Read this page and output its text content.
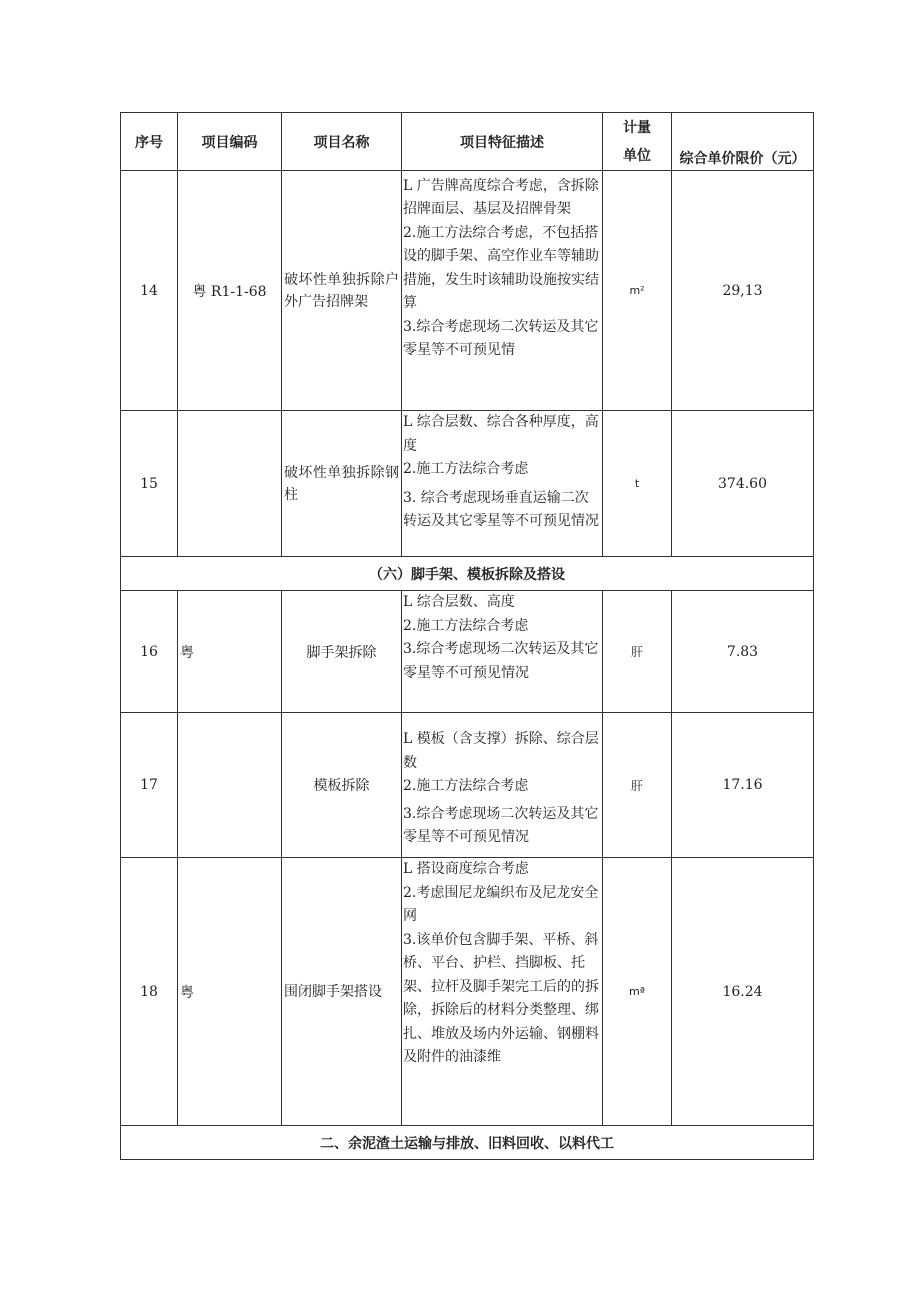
序号	项目编码	项目名称	项目特征描述	计量
单位	综合单价限价（元）
14	粤 R1-1-68	破坏性单独拆除户外广告招牌架	L 广告牌高度综合考虑，含拆除招牌面层、基层及招牌骨架
2.施工方法综合考虑，不包括搭设的脚手架、高空作业车等辅助措施，发生时该辅助设施按实结算
3.综合考虑现场二次转运及其它零星等不可预见情	m²	29,13
15		破坏性单独拆除钢柱	L 综合层数、综合各种厚度，高度
2.施工方法综合考虑
3. 综合考虑现场垂直运输二次转运及其它零星等不可预见情况	t	374.60
（六）脚手架、模板拆除及搭设					
16	粤	脚手架拆除	L 综合层数、高度
2.施工方法综合考虑
3.综合考虑现场二次转运及其它零星等不可预见情况	肝	7.83
17		模板拆除	L 模板（含支撑）拆除、综合层数
2.施工方法综合考虑
3.综合考虑现场二次转运及其它零星等不可预见情况	肝	17.16
18	粤	围闭脚手架搭设	L 搭设商度综合考虑
2.考虑围尼龙编织布及尼龙安全网
3.该单价包含脚手架、平桥、斜桥、平台、护栏、挡脚板、托架、拉杆及脚手架完工后的的拆除，拆除后的材料分类整理、绑扎、堆放及场内外运输、钢棚料及附件的油漆维	mª	16.24
二、余泥渣土运输与排放、旧料回收、以料代工					
